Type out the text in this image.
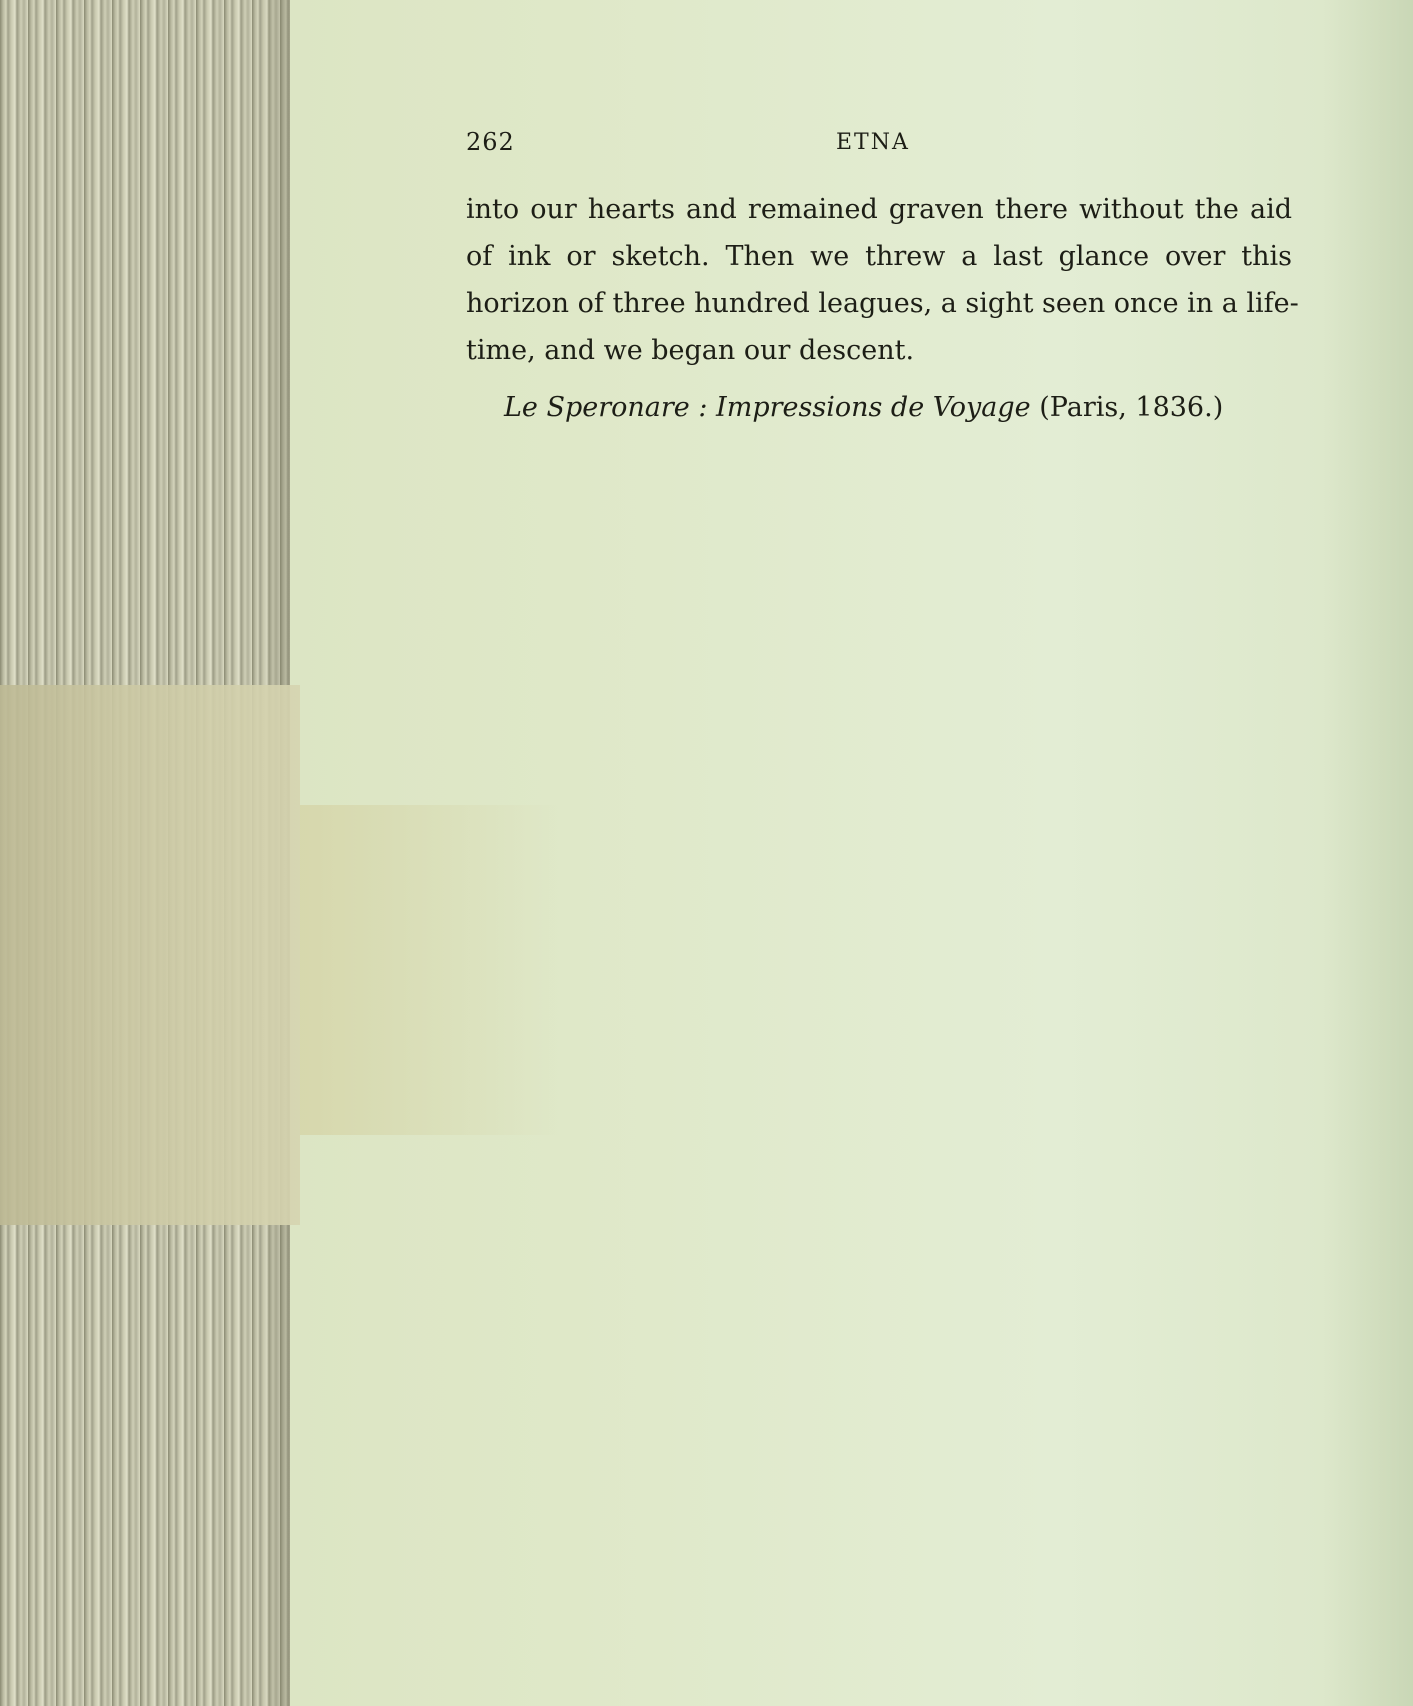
262	ETNA
into our hearts and remained graven there without the aid
of ink or sketch. Then we threw a last glance over this
horizon of three hundred leagues, a sight seen once in a life-
time, and we began our descent.
Le Speronare : Impressions de Voyage (Paris, 1836.)
